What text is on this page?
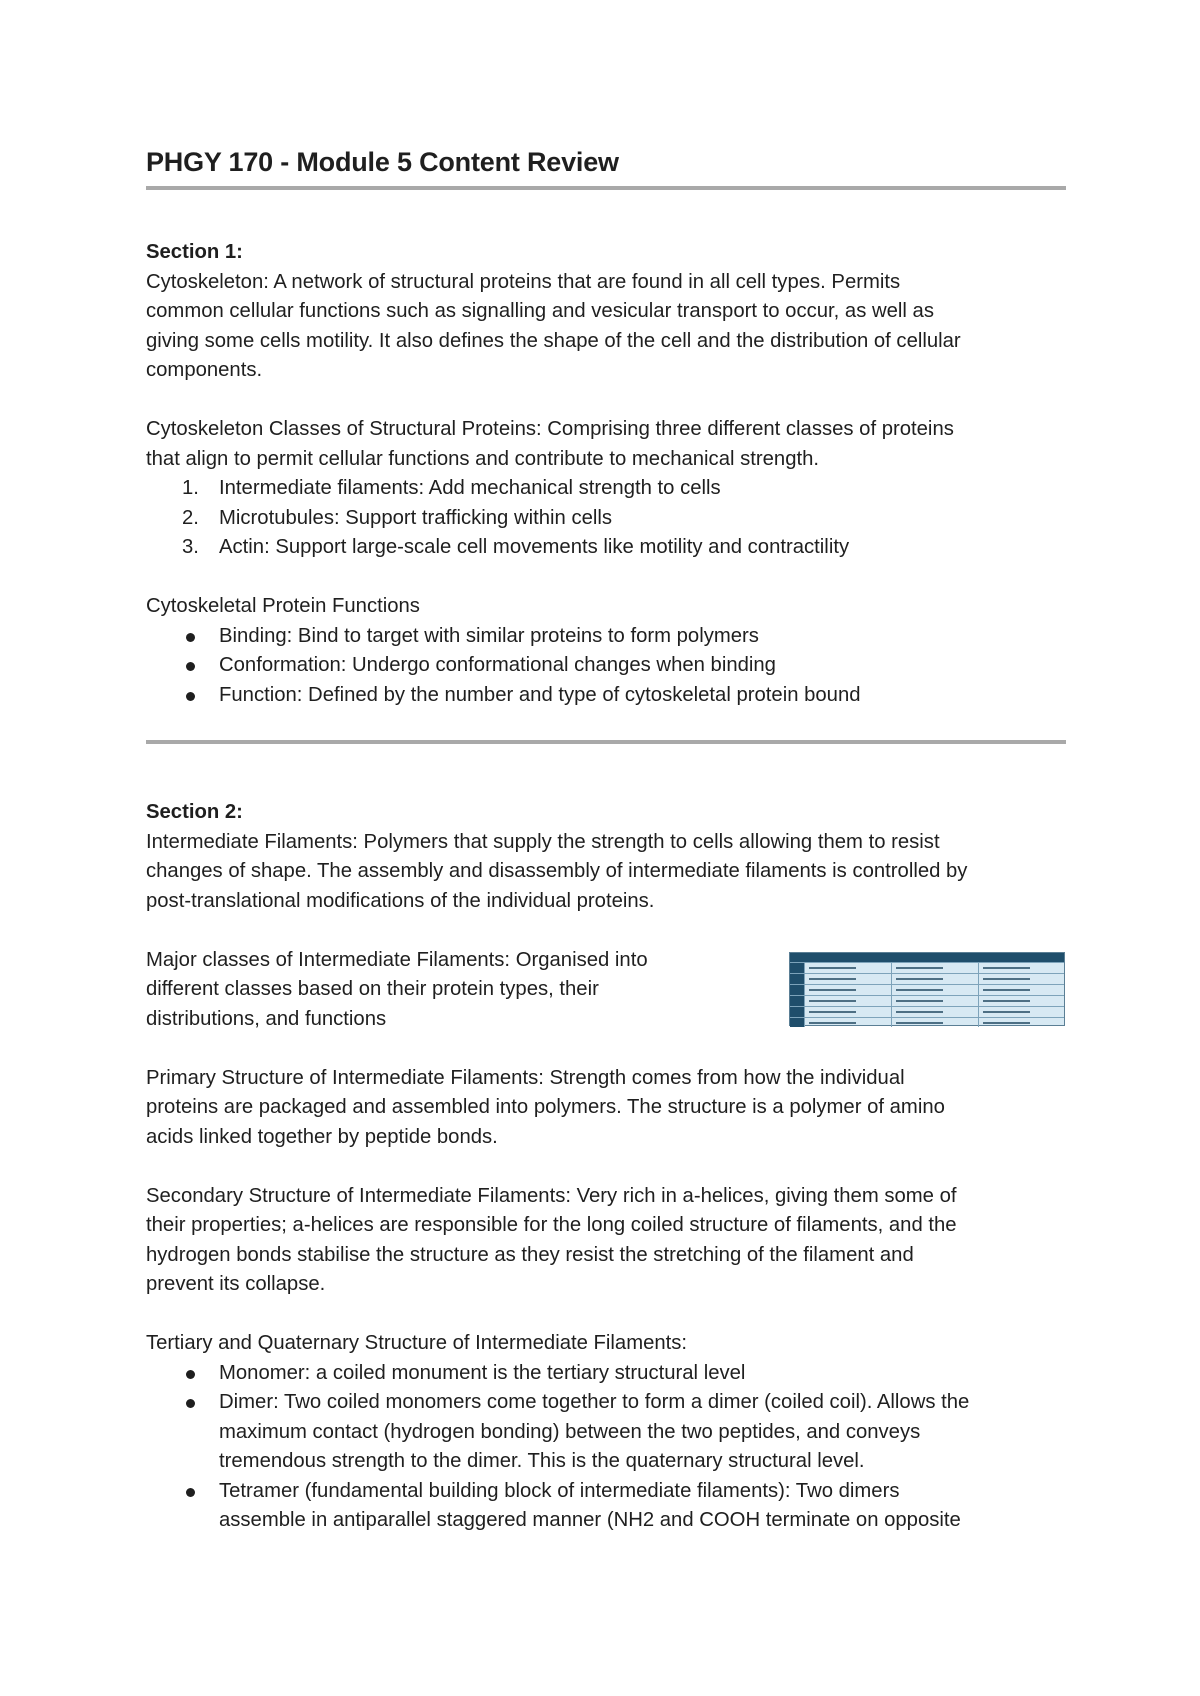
PHGY 170 - Module 5 Content Review

Section 1:

Cytoskeleton: A network of structural proteins that are found in all cell types. Permits

common cellular functions such as signalling and vesicular transport to occur, as well as

giving some cells motility. It also defines the shape of the cell and the distribution of cellular

components.

Cytoskeleton Classes of Structural Proteins: Comprising three different classes of proteins

that align to permit cellular functions and contribute to mechanical strength.

1. Intermediate filaments: Add mechanical strength to cells
2. Microtubules: Support trafficking within cells
3. Actin: Support large-scale cell movements like motility and contractility

Cytoskeletal Protein Functions

Binding: Bind to target with similar proteins to form polymers
Conformation: Undergo conformational changes when binding
Function: Defined by the number and type of cytoskeletal protein bound

Section 2:

Intermediate Filaments: Polymers that supply the strength to cells allowing them to resist

changes of shape. The assembly and disassembly of intermediate filaments is controlled by

post-translational modifications of the individual proteins.

Major classes of Intermediate Filaments: Organised into

different classes based on their protein types, their

distributions, and functions

Primary Structure of Intermediate Filaments: Strength comes from how the individual

proteins are packaged and assembled into polymers. The structure is a polymer of amino

acids linked together by peptide bonds.

Secondary Structure of Intermediate Filaments: Very rich in a-helices, giving them some of

their properties; a-helices are responsible for the long coiled structure of filaments, and the

hydrogen bonds stabilise the structure as they resist the stretching of the filament and

prevent its collapse.

Tertiary and Quaternary Structure of Intermediate Filaments:

Monomer: a coiled monument is the tertiary structural level
Dimer: Two coiled monomers come together to form a dimer (coiled coil). Allows the
maximum contact (hydrogen bonding) between the two peptides, and conveys
tremendous strength to the dimer. This is the quaternary structural level.
Tetramer (fundamental building block of intermediate filaments): Two dimers
assemble in antiparallel staggered manner (NH2 and COOH terminate on opposite
